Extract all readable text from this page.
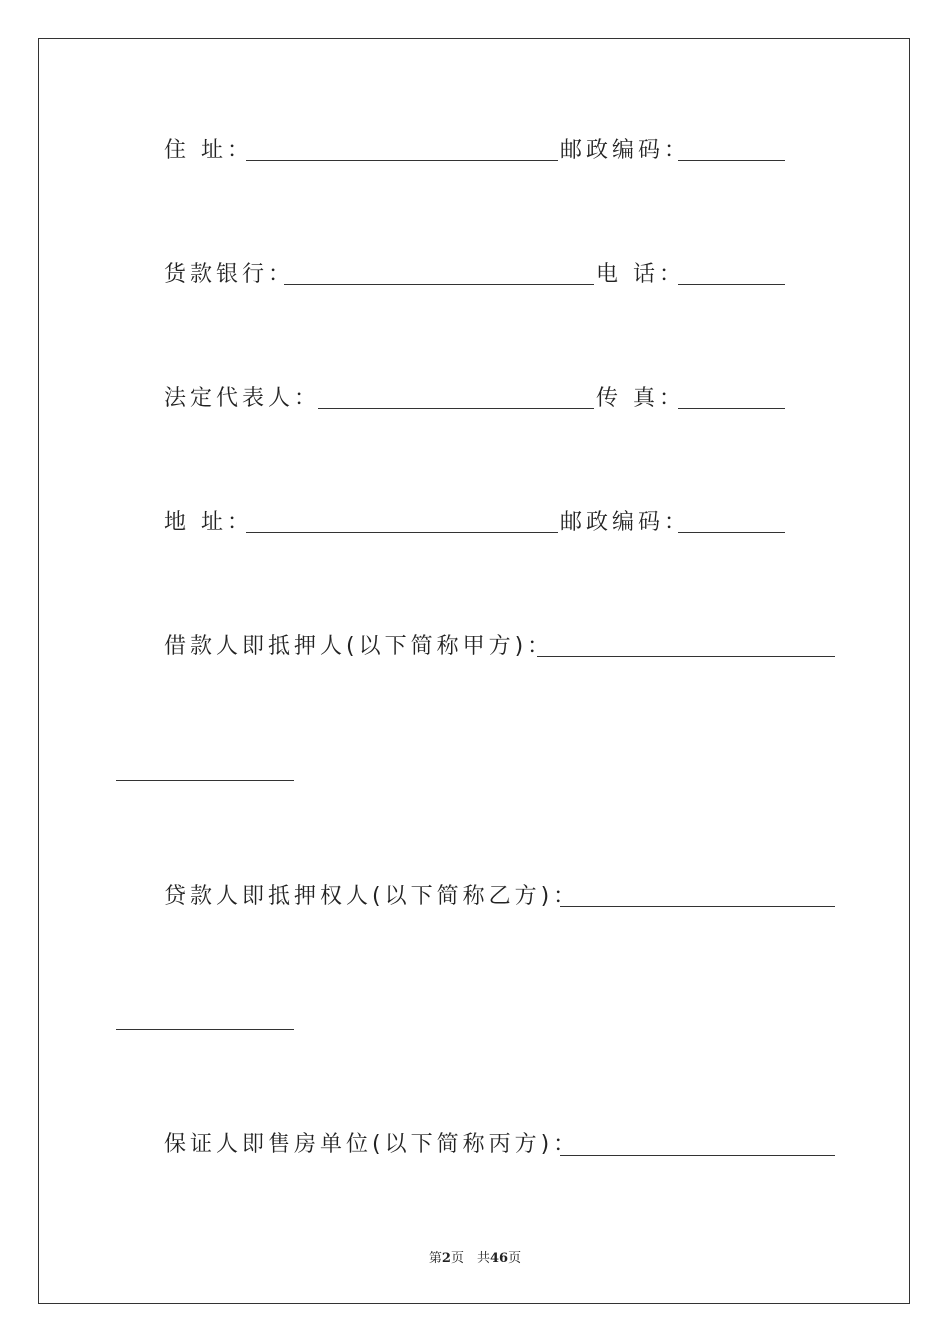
住 址：	邮政编码：
货款银行：	电 话：
法定代表人：	传 真：
地 址：	邮政编码：
借款人即抵押人(以下简称甲方)：
贷款人即抵押权人(以下简称乙方)：
保证人即售房单位(以下简称丙方)：
第2页　共46页
